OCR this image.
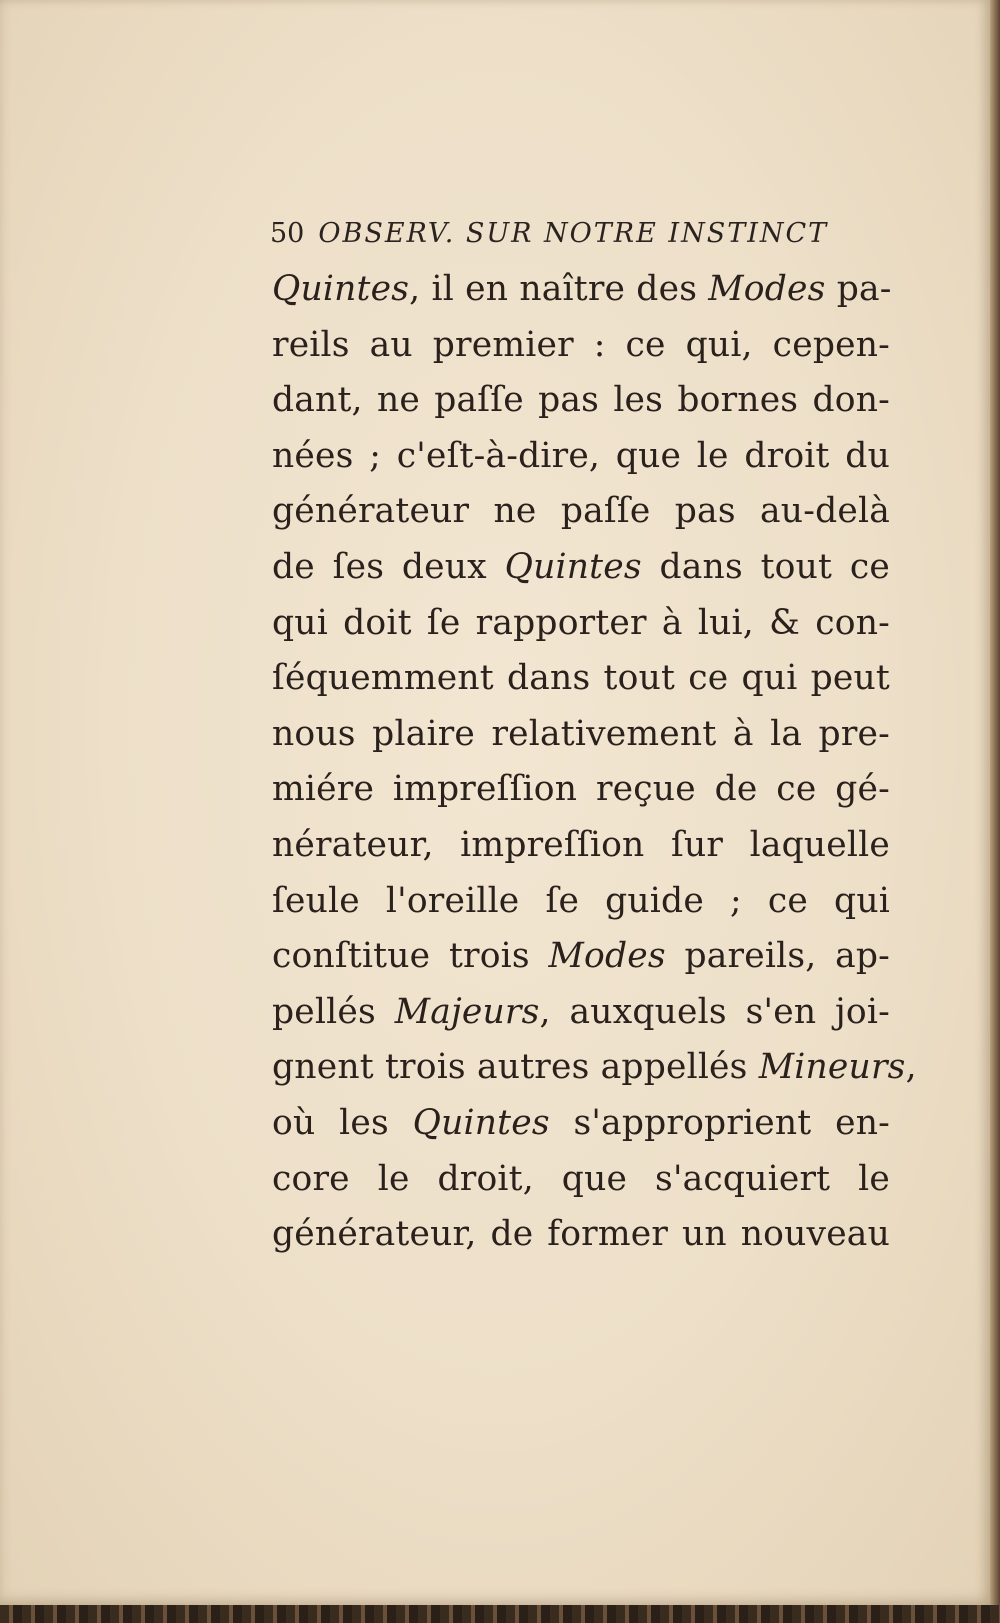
50 OBSERV. SUR NOTRE INSTINCT
Quintes, il en naître des Modes pa-
reils au premier : ce qui, cepen-
dant, ne paſſe pas les bornes don-
nées ; c'eſt-à-dire, que le droit du
générateur ne paſſe pas au-delà
de ſes deux Quintes dans tout ce
qui doit ſe rapporter à lui, & con-
ſéquemment dans tout ce qui peut
nous plaire relativement à la pre-
miére impreſſion reçue de ce gé-
nérateur, impreſſion ſur laquelle
ſeule l'oreille ſe guide ; ce qui
conſtitue trois Modes pareils, ap-
pellés Majeurs, auxquels s'en joi-
gnent trois autres appellés Mineurs,
où les Quintes s'approprient en-
core le droit, que s'acquiert le
générateur, de former un nouveau
